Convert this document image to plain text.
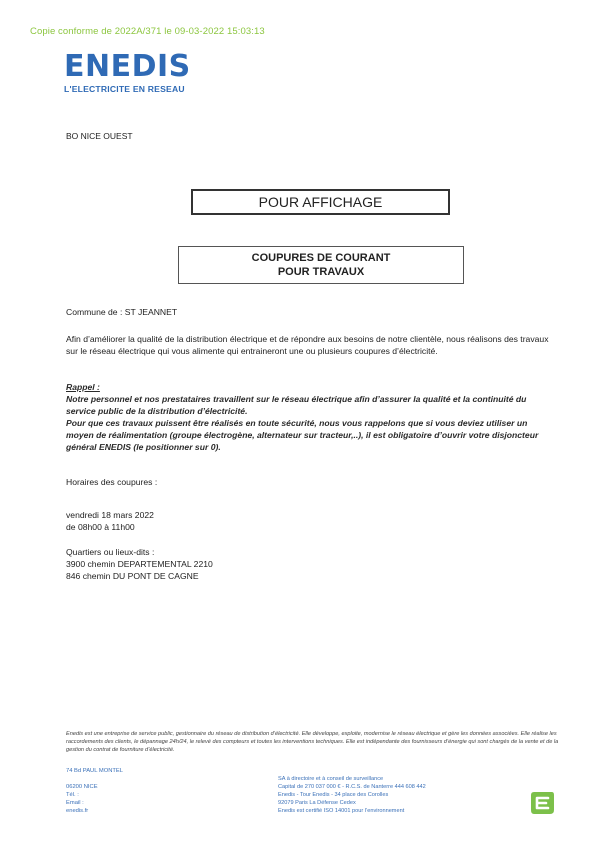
Copie conforme de 2022A/371 le 09-03-2022 15:03:13
ENEDIS
L'ELECTRICITE EN RESEAU
BO NICE OUEST
POUR AFFICHAGE
COUPURES DE COURANT
POUR TRAVAUX
Commune de : ST JEANNET
Afin d’améliorer la qualité de la distribution électrique et de répondre aux besoins de notre clientèle, nous réalisons des travaux sur le réseau électrique qui vous alimente qui entraineront une ou plusieurs coupures d’électricité.
Rappel :
Notre personnel et nos prestataires travaillent sur le réseau électrique afin d’assurer la qualité et la continuité du service public de la distribution d’électricité.
Pour que ces travaux puissent être réalisés en toute sécurité, nous vous rappelons que si vous deviez utiliser un moyen de réalimentation (groupe électrogène, alternateur sur tracteur,..), il est obligatoire d’ouvrir votre disjoncteur général ENEDIS (le positionner sur 0).
Horaires des coupures :
vendredi 18 mars 2022
de 08h00 à 11h00
Quartiers ou lieux-dits :
3900 chemin DEPARTEMENTAL 2210
846 chemin DU PONT DE CAGNE
Enedis est une entreprise de service public, gestionnaire du réseau de distribution d’électricité. Elle développe, exploite, modernise le réseau électrique et gère les données associées. Elle réalise les raccordements des clients, le dépannage 24h/24, le relevé des compteurs et toutes les interventions techniques. Elle est indépendante des fournisseurs d’énergie qui sont chargés de la vente et de la gestion du contrat de fourniture d’électricité.
74 Bd PAUL MONTEL
06200 NICE
Tél. :
Email :
enedis.fr
SA à directoire et à conseil de surveillance
Capital de 270 037 000 € - R.C.S. de Nanterre 444 608 442
Enedis - Tour Enedis - 34 place des Corolles
92079 Paris La Défense Cedex
Enedis est certifié ISO 14001 pour l’environnement
